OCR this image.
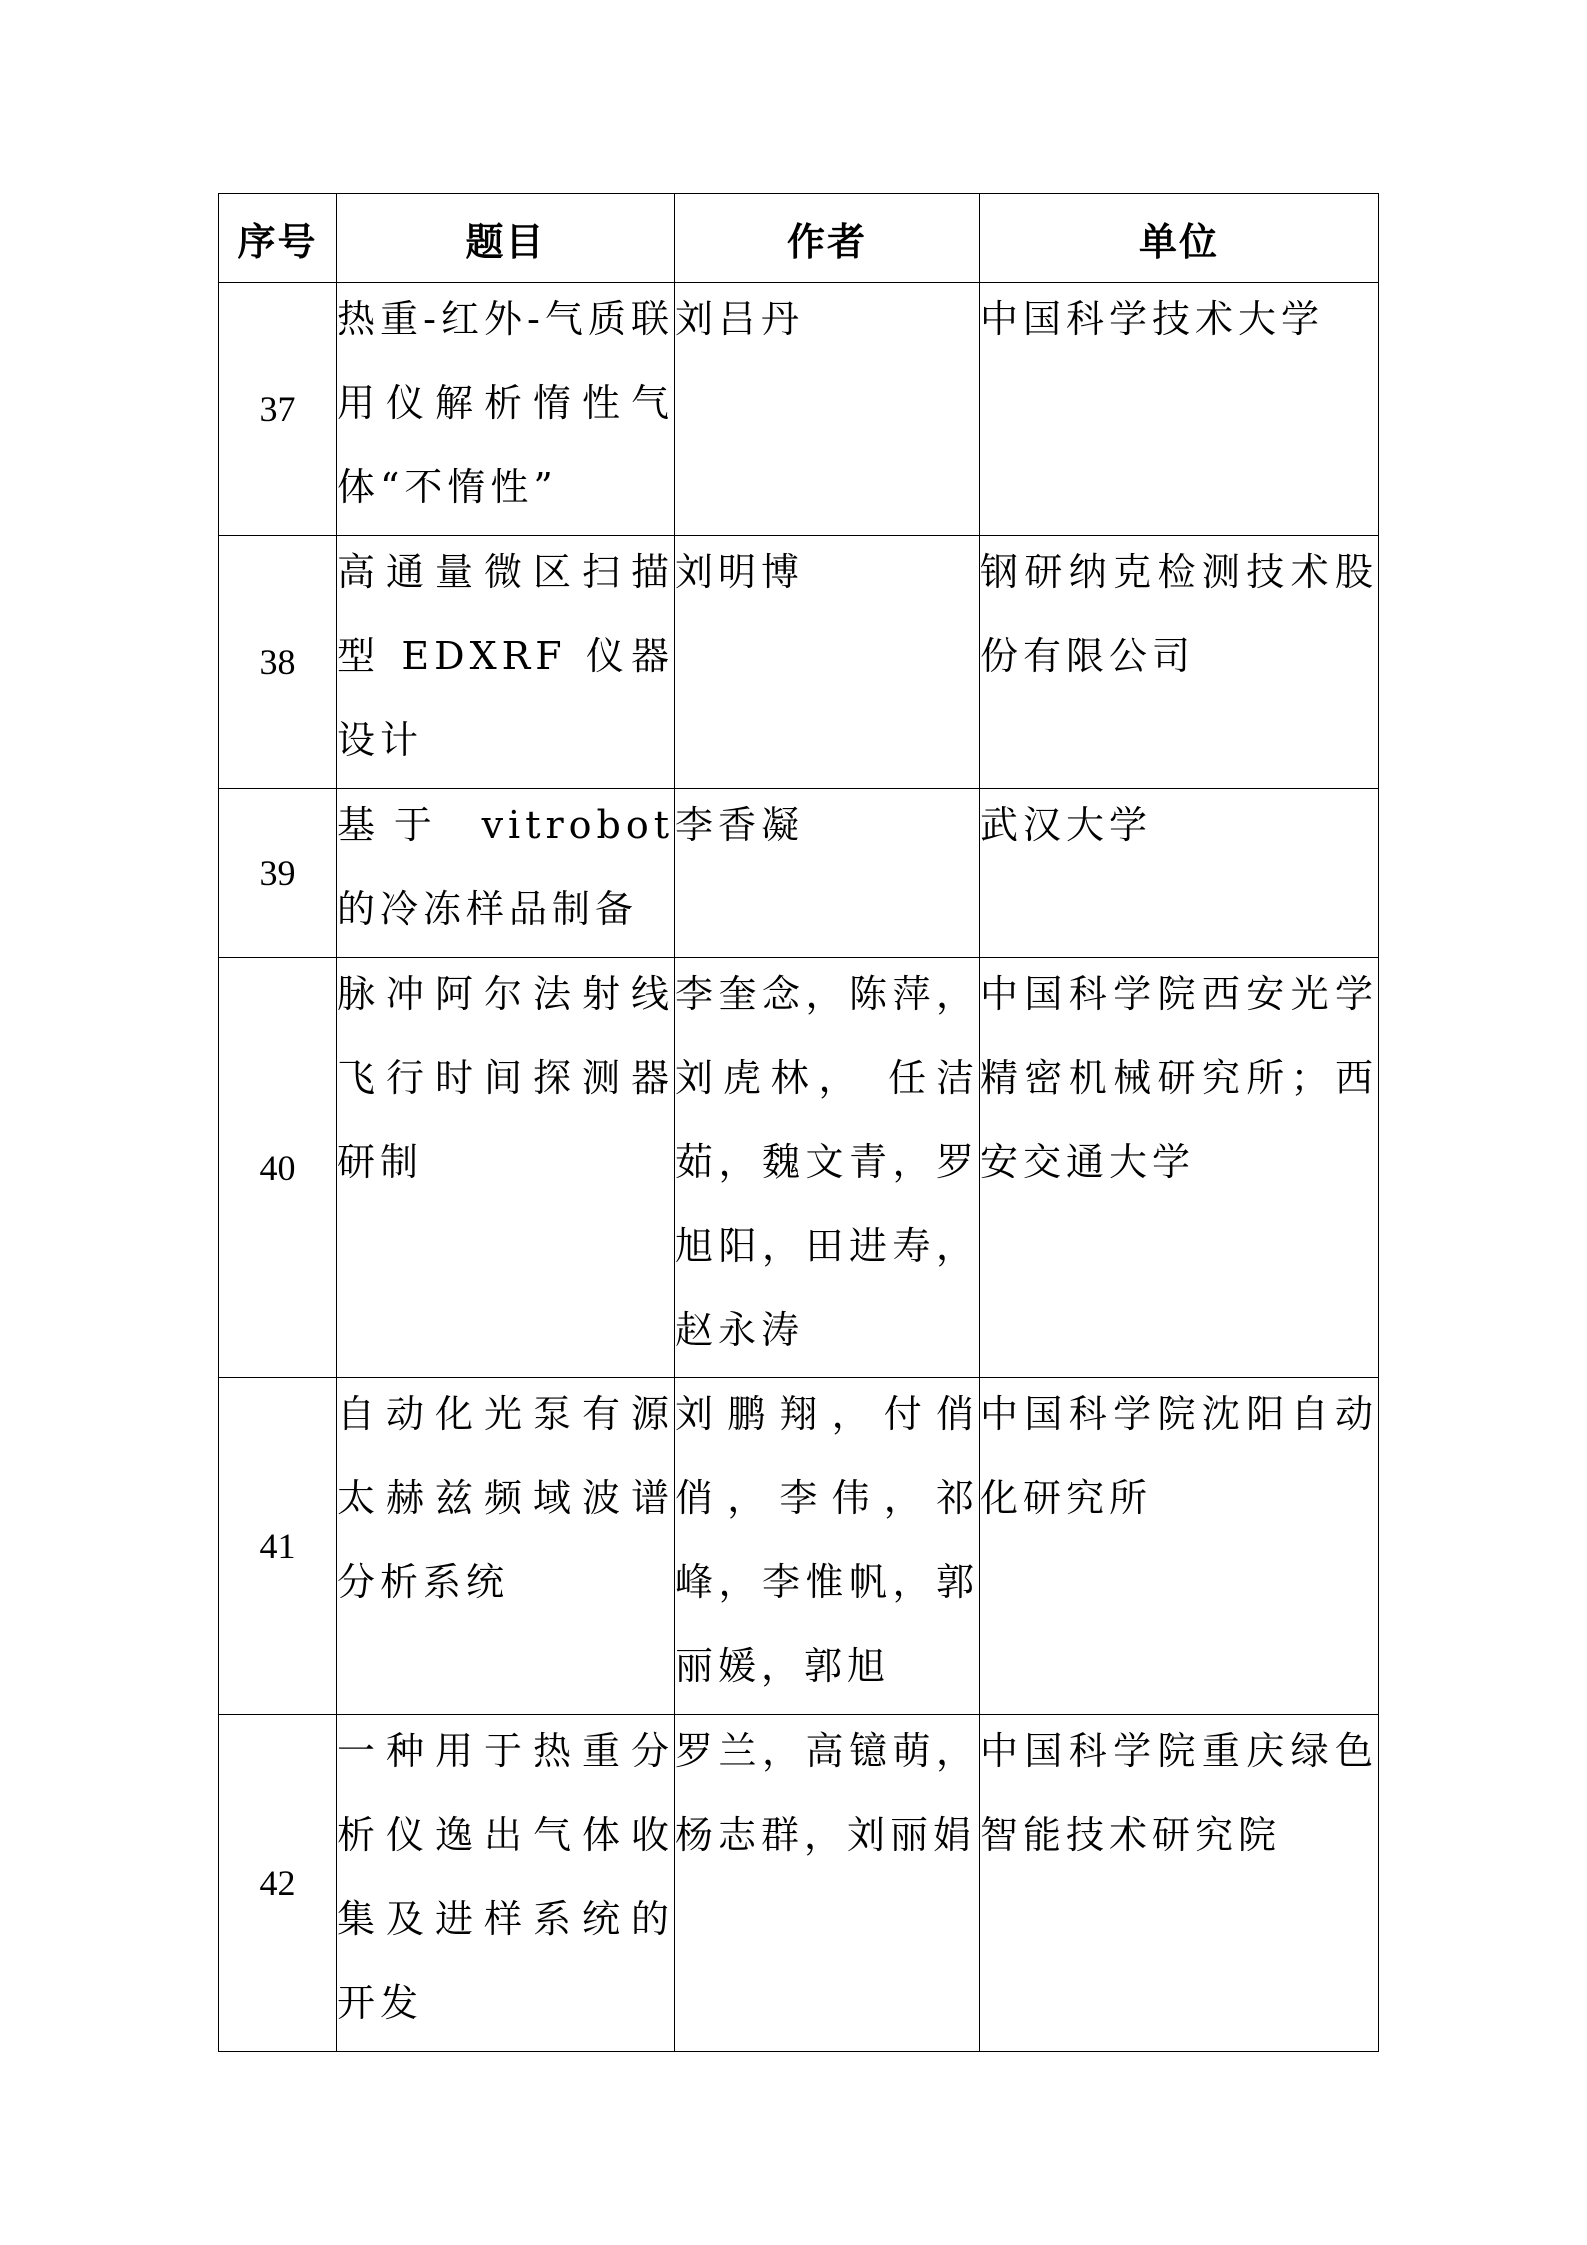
序号	题目	作者	单位
37	热重-红外-气质联用仪解析惰性气体“不惰性”	刘吕丹	中国科学技术大学

38	高通量微区扫描型 EDXRF 仪器设计	刘明博	钢研纳克检测技术股份有限公司

39	基于 vitrobot 的冷冻样品制备	李香凝	武汉大学

40	脉冲阿尔法射线飞行时间探测器研制	李奎念，陈萍，刘虎林， 任洁茹，魏文青，罗旭阳，田进寿，赵永涛	中国科学院西安光学精密机械研究所；西安交通大学

41	自动化光泵有源太赫兹频域波谱分析系统	刘鹏翔，付俏俏，李伟，祁峰，李惟帆，郭丽媛，郭旭	中国科学院沈阳自动化研究所

42	一种用于热重分析仪逸出气体收集及进样系统的开发	罗兰，高镱萌，杨志群，刘丽娟	中国科学院重庆绿色智能技术研究院
